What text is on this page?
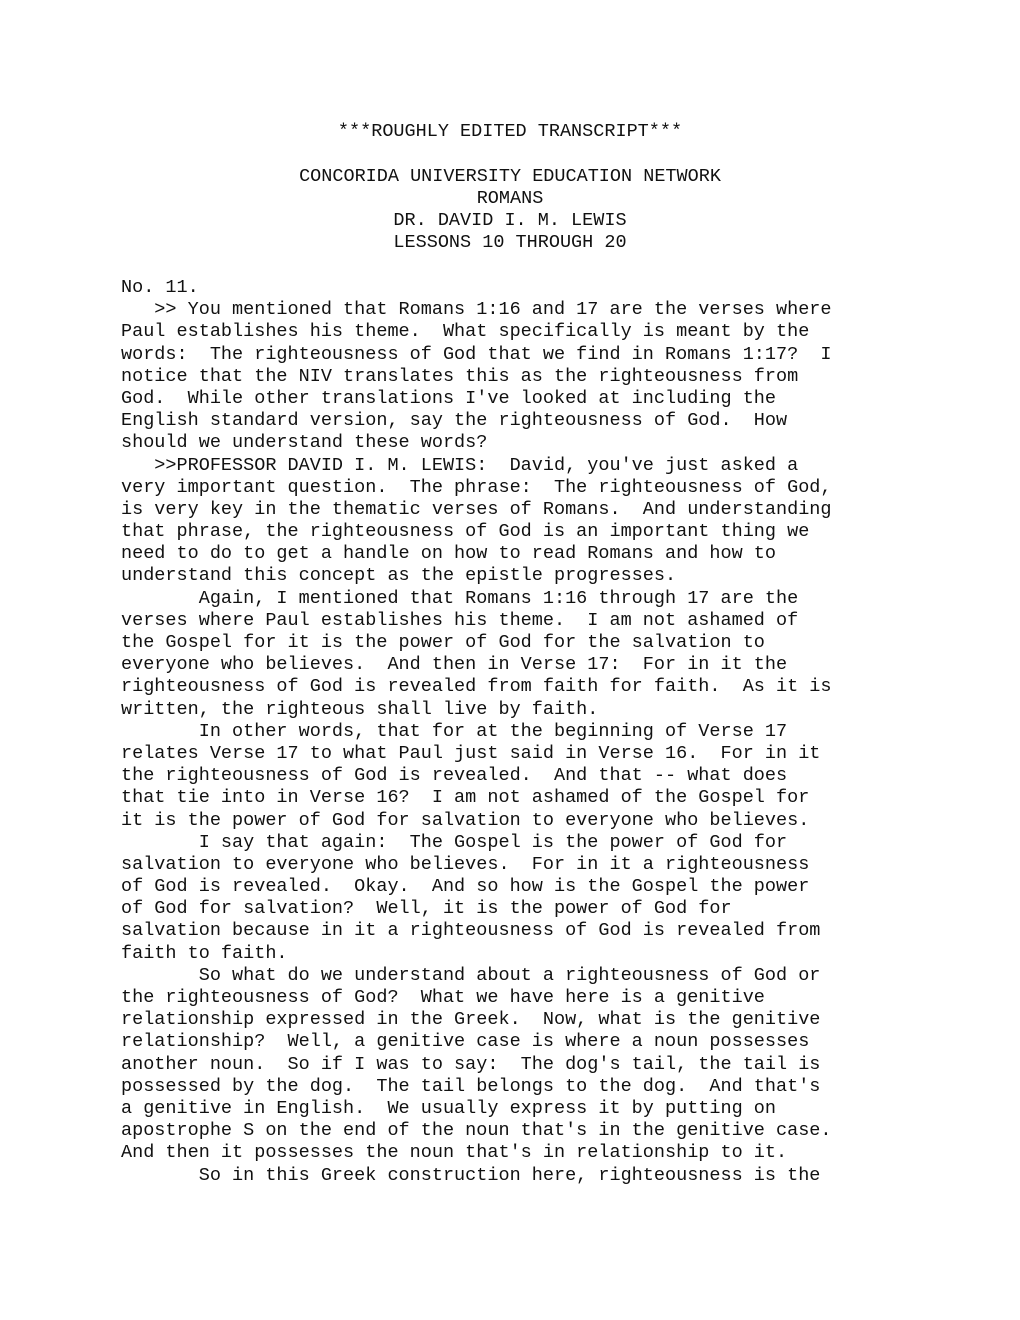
***ROUGHLY EDITED TRANSCRIPT***
CONCORIDA UNIVERSITY EDUCATION NETWORK
ROMANS
DR. DAVID I. M. LEWIS
LESSONS 10 THROUGH 20
No. 11.
>> You mentioned that Romans 1:16 and 17 are the verses where
Paul establishes his theme.  What specifically is meant by the
words:  The righteousness of God that we find in Romans 1:17?  I
notice that the NIV translates this as the righteousness from
God.  While other translations I've looked at including the
English standard version, say the righteousness of God.  How
should we understand these words?
>>PROFESSOR DAVID I. M. LEWIS:  David, you've just asked a
very important question.  The phrase:  The righteousness of God,
is very key in the thematic verses of Romans.  And understanding
that phrase, the righteousness of God is an important thing we
need to do to get a handle on how to read Romans and how to
understand this concept as the epistle progresses.
Again, I mentioned that Romans 1:16 through 17 are the
verses where Paul establishes his theme.  I am not ashamed of
the Gospel for it is the power of God for the salvation to
everyone who believes.  And then in Verse 17:  For in it the
righteousness of God is revealed from faith for faith.  As it is
written, the righteous shall live by faith.
In other words, that for at the beginning of Verse 17
relates Verse 17 to what Paul just said in Verse 16.  For in it
the righteousness of God is revealed.  And that -- what does
that tie into in Verse 16?  I am not ashamed of the Gospel for
it is the power of God for salvation to everyone who believes.
I say that again:  The Gospel is the power of God for
salvation to everyone who believes.  For in it a righteousness
of God is revealed.  Okay.  And so how is the Gospel the power
of God for salvation?  Well, it is the power of God for
salvation because in it a righteousness of God is revealed from
faith to faith.
So what do we understand about a righteousness of God or
the righteousness of God?  What we have here is a genitive
relationship expressed in the Greek.  Now, what is the genitive
relationship?  Well, a genitive case is where a noun possesses
another noun.  So if I was to say:  The dog's tail, the tail is
possessed by the dog.  The tail belongs to the dog.  And that's
a genitive in English.  We usually express it by putting on
apostrophe S on the end of the noun that's in the genitive case.
And then it possesses the noun that's in relationship to it.
So in this Greek construction here, righteousness is the
